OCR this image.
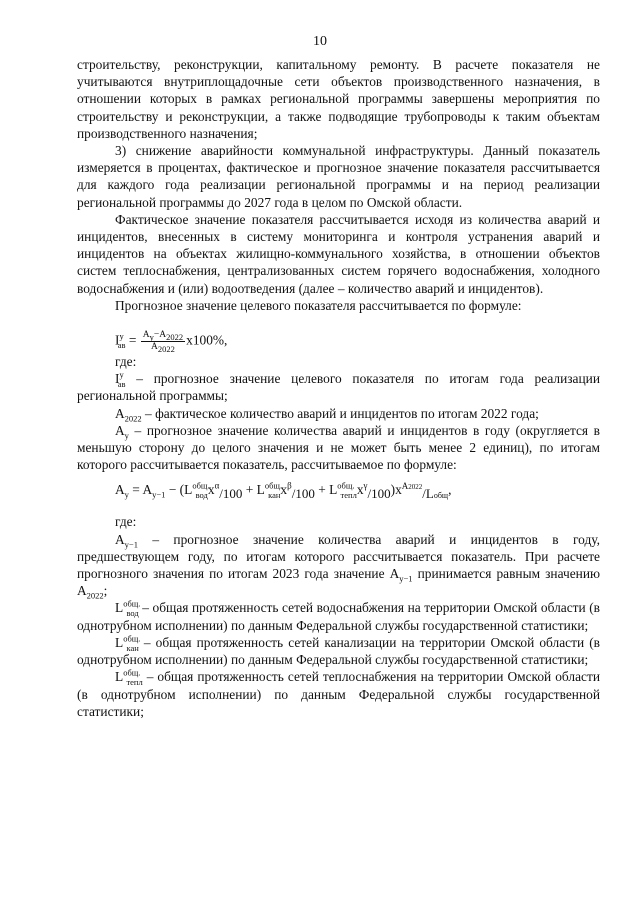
10

строительству, реконструкции, капитальному ремонту. В расчете показателя не учитываются внутриплощадочные сети объектов производственного назначения, в отношении которых в рамках региональной программы завершены мероприятия по строительству и реконструкции, а также подводящие трубопроводы к таким объектам производственного назначения;

3) снижение аварийности коммунальной инфраструктуры. Данный показатель измеряется в процентах, фактическое и прогнозное значение показателя рассчитывается для каждого года реализации региональной программы и на период реализации региональной программы до 2027 года в целом по Омской области.

Фактическое значение показателя рассчитывается исходя из количества аварий и инцидентов, внесенных в систему мониторинга и контроля устранения аварий и инцидентов на объектах жилищно-коммунального хозяйства, в отношении объектов систем теплоснабжения, централизованных систем горячего водоснабжения, холодного водоснабжения и (или) водоотведения (далее – количество аварий и инцидентов).

Прогнозное значение целевого показателя рассчитывается по формуле:

$I^y_{ав} = \frac{A_y-A_{2022}}{A_{2022}} x100\%$,

где:

$I^y_{ав}$ – прогнозное значение целевого показателя по итогам года реализации региональной программы;

$A_{2022}$ – фактическое количество аварий и инцидентов по итогам 2022 года;

$A_y$ – прогнозное значение количества аварий и инцидентов в году (округляется в меньшую сторону до целого значения и не может быть менее 2 единиц), по итогам которого рассчитывается показатель, рассчитываемое по формуле:

$A_y = A_{y-1} - (L^{общ.}_{вод}x^\alpha_{/100} + L^{общ.}_{кан}x^\beta_{/100} + L^{общ.}_{тепл}x^\gamma_{/100})x^{A2022}_{/Lобщ}$,

где:

$A_{y-1}$ – прогнозное значение количества аварий и инцидентов в году, предшествующем году, по итогам которого рассчитывается показатель. При расчете прогнозного значения по итогам 2023 года значение $A_{y-1}$ принимается равным значению $A_{2022}$;

$L^{общ.}_{вод}$ – общая протяженность сетей водоснабжения на территории Омской области (в однотрубном исполнении) по данным Федеральной службы государственной статистики;

$L^{общ.}_{кан}$ – общая протяженность сетей канализации на территории Омской области (в однотрубном исполнении) по данным Федеральной службы государственной статистики;

$L^{общ.}_{тепл}$ – общая протяженность сетей теплоснабжения на территории Омской области (в однотрубном исполнении) по данным Федеральной службы государственной статистики;
